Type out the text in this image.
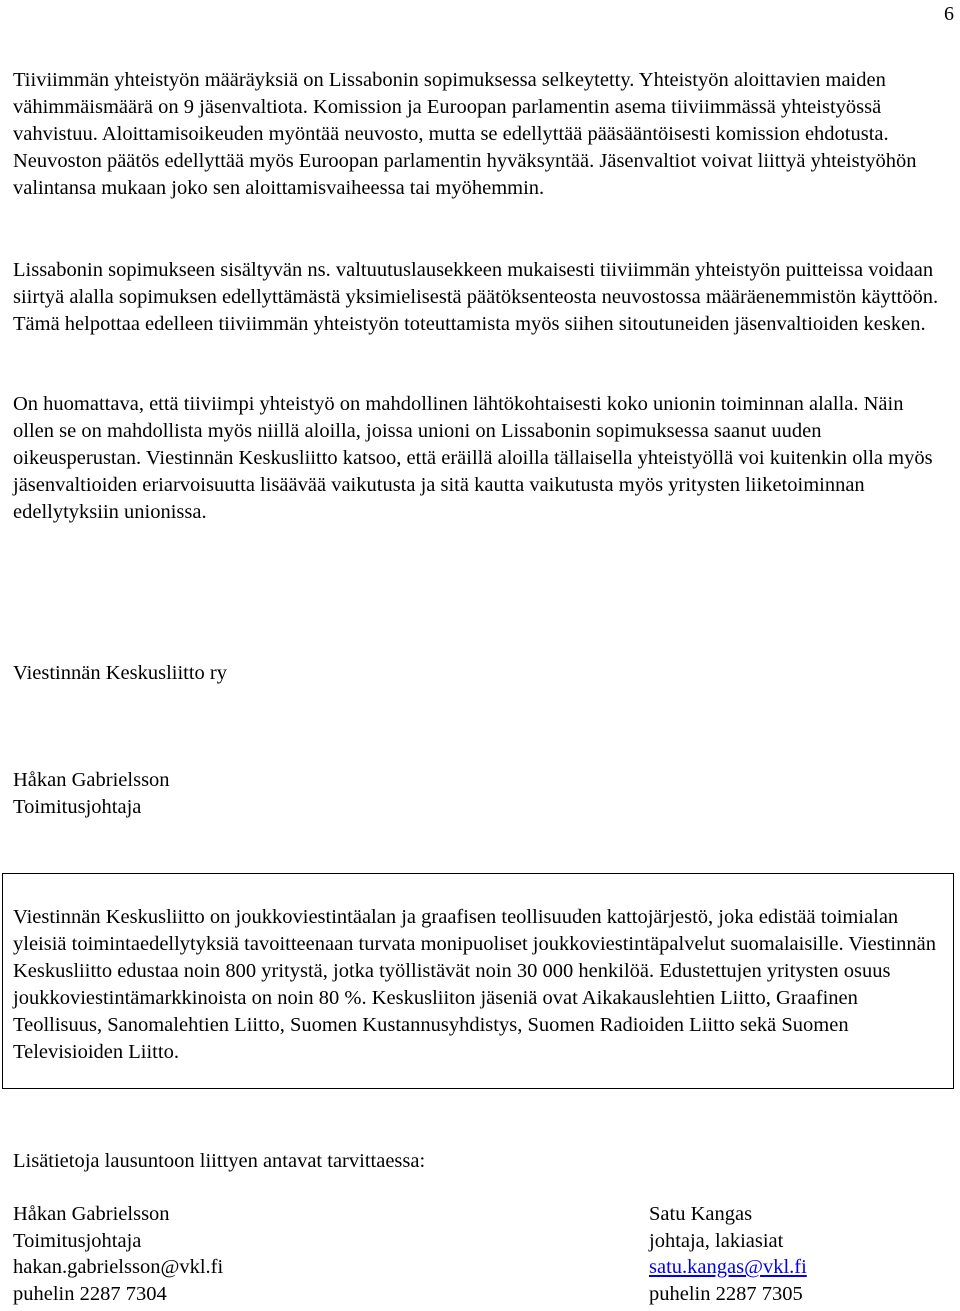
6

Tiiviimmän yhteistyön määräyksiä on Lissabonin sopimuksessa selkeytetty. Yhteistyön aloittavien maiden vähimmäismäärä on 9 jäsenvaltiota. Komission ja Euroopan parlamentin asema tiiviimmässä yhteistyössä vahvistuu. Aloittamisoikeuden myöntää neuvosto, mutta se edellyttää pääsääntöisesti komission ehdotusta. Neuvoston päätös edellyttää myös Euroopan parlamentin hyväksyntää. Jäsenvaltiot voivat liittyä yhteistyöhön valintansa mukaan joko sen aloittamisvaiheessa tai myöhemmin.

Lissabonin sopimukseen sisältyvän ns. valtuutuslausekkeen mukaisesti tiiviimmän yhteistyön puitteissa voidaan siirtyä alalla sopimuksen edellyttämästä yksimielisestä päätöksenteosta neuvostossa määräenemmistön käyttöön. Tämä helpottaa edelleen tiiviimmän yhteistyön toteuttamista myös siihen sitoutuneiden jäsenvaltioiden kesken.

On huomattava, että tiiviimpi yhteistyö on mahdollinen lähtökohtaisesti koko unionin toiminnan alalla. Näin ollen se on mahdollista myös niillä aloilla, joissa unioni on Lissabonin sopimuksessa saanut uuden oikeusperustan. Viestinnän Keskusliitto katsoo, että eräillä aloilla tällaisella yhteistyöllä voi kuitenkin olla myös jäsenvaltioiden eriarvoisuutta lisäävää vaikutusta ja sitä kautta vaikutusta myös yritysten liiketoiminnan edellytyksiin unionissa.

Viestinnän Keskusliitto ry
Håkan Gabrielsson
Toimitusjohtaja

Viestinnän Keskusliitto on joukkoviestintäalan ja graafisen teollisuuden kattojärjestö, joka edistää toimialan yleisiä toimintaedellytyksiä tavoitteenaan turvata monipuoliset joukkoviestintäpalvelut suomalaisille. Viestinnän Keskusliitto edustaa noin 800 yritystä, jotka työllistävät noin 30 000 henkilöä. Edustettujen yritysten osuus joukkoviestintämarkkinoista on noin 80 %. Keskusliiton jäseniä ovat Aikakauslehtien Liitto, Graafinen Teollisuus, Sanomalehtien Liitto, Suomen Kustannusyhdistys, Suomen Radioiden Liitto sekä Suomen Televisioiden Liitto.

Lisätietoja lausuntoon liittyen antavat tarvittaessa:
Håkan Gabrielsson
Toimitusjohtaja
hakan.gabrielsson@vkl.fi
puhelin 2287 7304
Satu Kangas
johtaja, lakiasiat
satu.kangas@vkl.fi
puhelin 2287 7305
